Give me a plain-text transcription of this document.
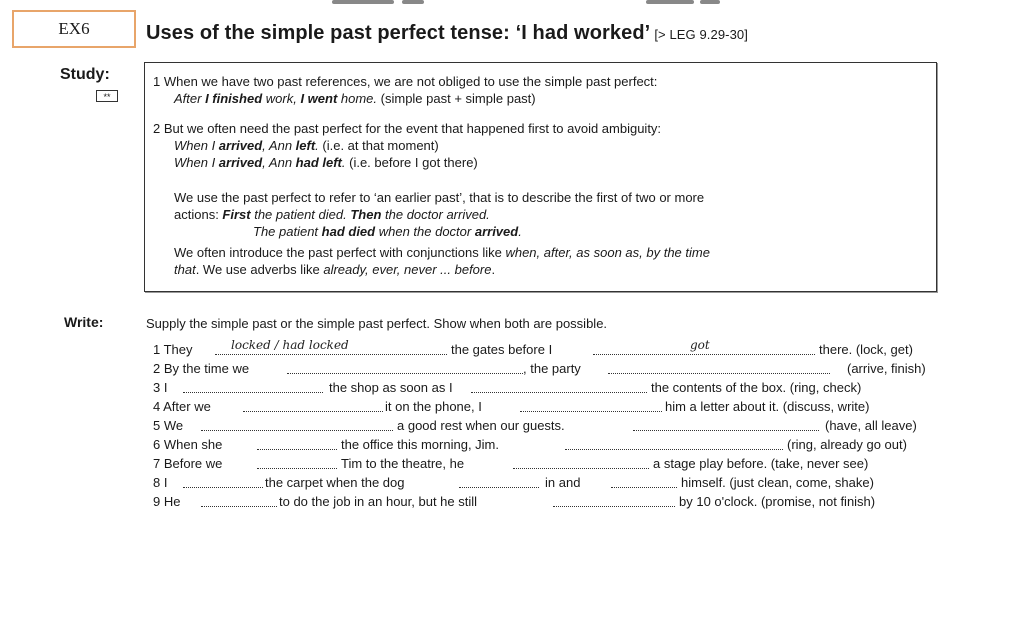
EX6	Uses of the simple past perfect tense: ‘I had worked’ [> LEG 9.29-30]
Study:
**
1 When we have two past references, we are not obliged to use the simple past perfect:
After I finished work, I went home. (simple past + simple past)
2 But we often need the past perfect for the event that happened first to avoid ambiguity:
When I arrived, Ann left. (i.e. at that moment)
When I arrived, Ann had left. (i.e. before I got there)
We use the past perfect to refer to ‘an earlier past’, that is to describe the first of two or more
actions: First the patient died. Then the doctor arrived.
The patient had died when the doctor arrived.
We often introduce the past perfect with conjunctions like when, after, as soon as, by the time
that. We use adverbs like already, ever, never ... before.
Write:	Supply the simple past or the simple past perfect. Show when both are possible.
1 They	locked / had locked	the gates before I	got	there. (lock, get)
2 By the time we	, the party	(arrive, finish)
3 I	the shop as soon as I	the contents of the box. (ring, check)
4 After we	it on the phone, I	him a letter about it. (discuss, write)
5 We	a good rest when our guests.	(have, all leave)
6 When she	the office this morning, Jim.	(ring, already go out)
7 Before we	Tim to the theatre, he	a stage play before. (take, never see)
8 I	the carpet when the dog	in and	himself. (just clean, come, shake)
9 He	to do the job in an hour, but he still	by 10 o'clock. (promise, not finish)
